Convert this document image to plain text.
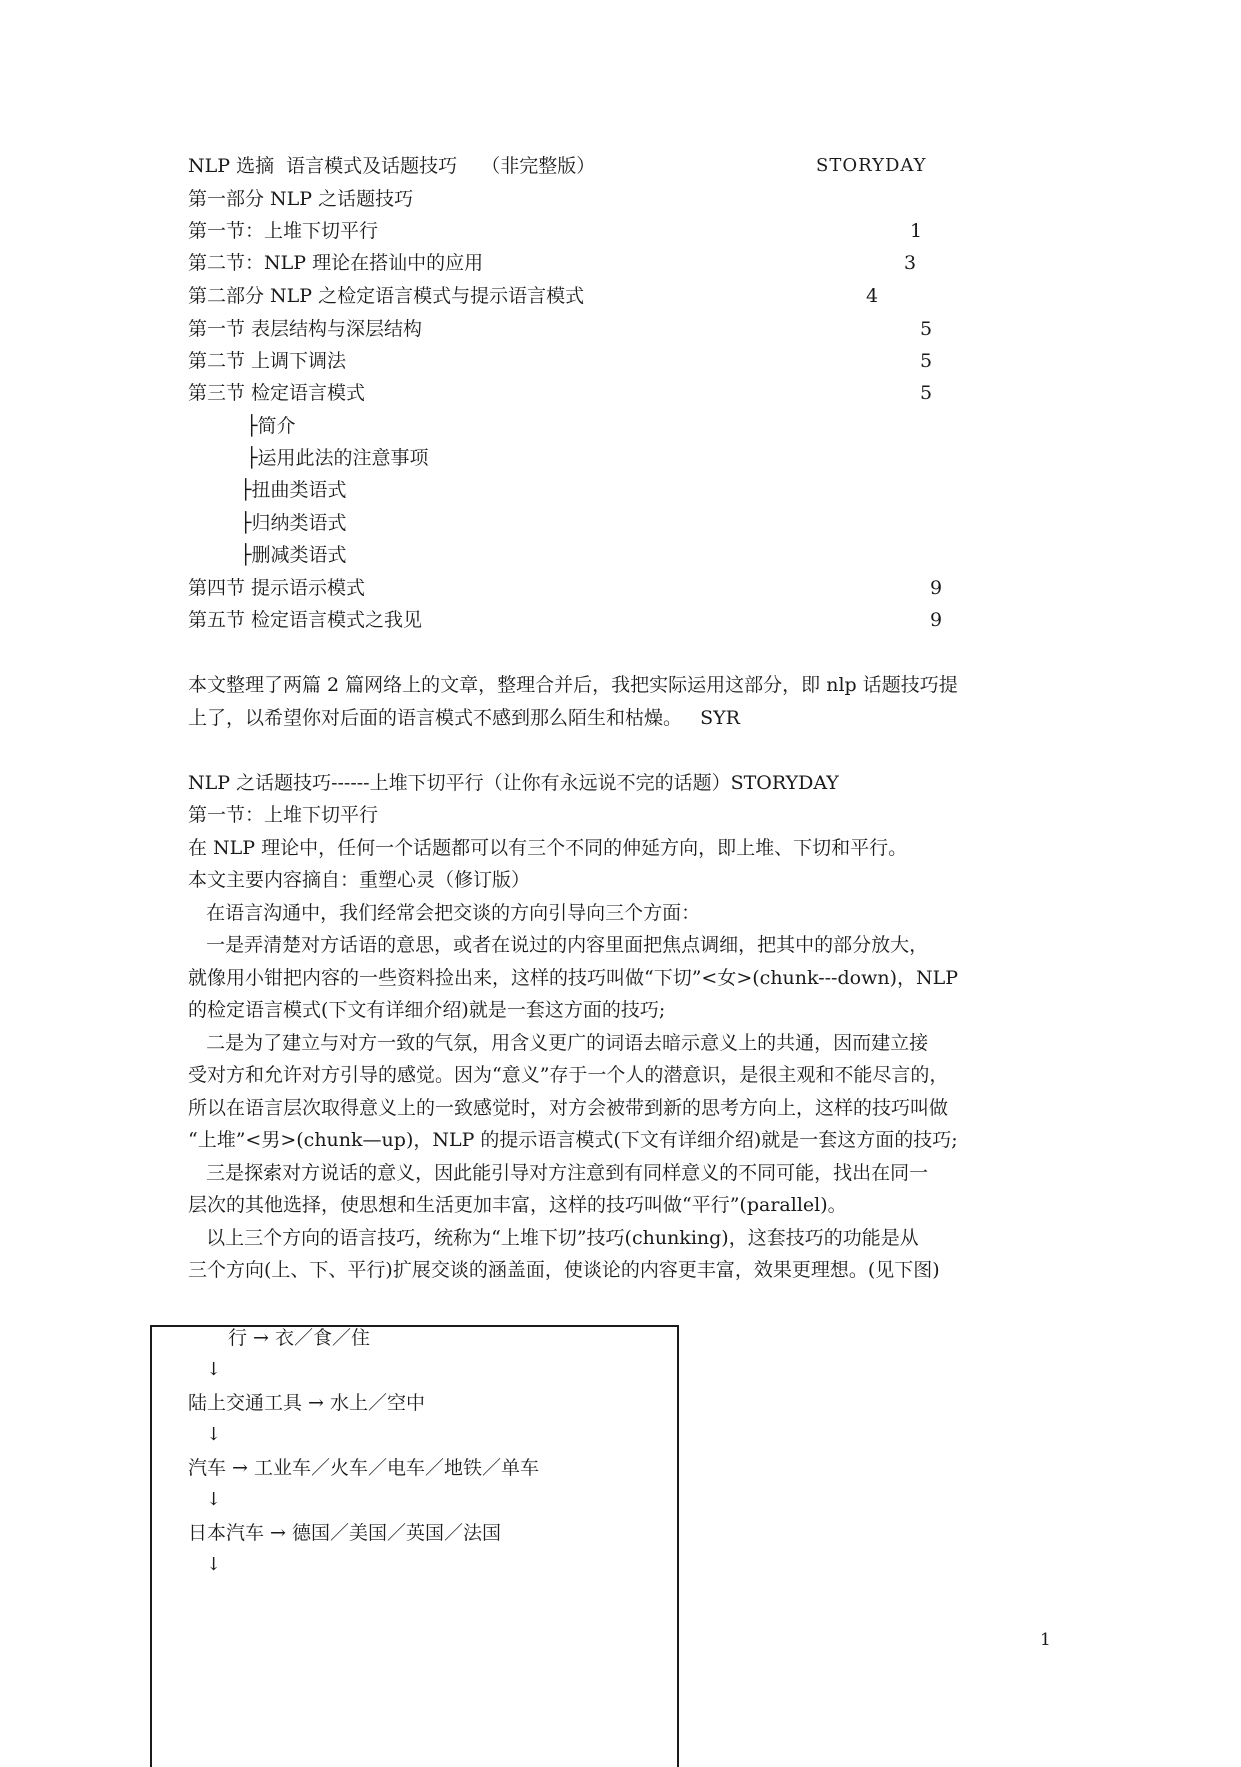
NLP 选摘  语言模式及话题技巧    （非完整版）	STORYDAY
第一部分 NLP 之话题技巧
第一节：上堆下切平行	1
第二节：NLP 理论在搭讪中的应用	3
第二部分 NLP 之检定语言模式与提示语言模式	4
第一节 表层结构与深层结构	5
第二节 上调下调法	5
第三节 检定语言模式	5
├简介
├运用此法的注意事项
├扭曲类语式
├归纳类语式
├删减类语式
第四节 提示语示模式	9
第五节 检定语言模式之我见	9
本文整理了两篇 2 篇网络上的文章，整理合并后，我把实际运用这部分，即 nlp 话题技巧提
上了，以希望你对后面的语言模式不感到那么陌生和枯燥。   SYR
NLP 之话题技巧------上堆下切平行（让你有永远说不完的话题）STORYDAY
第一节：上堆下切平行
在 NLP 理论中，任何一个话题都可以有三个不同的伸延方向，即上堆、下切和平行。
本文主要内容摘自：重塑心灵（修订版）
在语言沟通中，我们经常会把交谈的方向引导向三个方面：
一是弄清楚对方话语的意思，或者在说过的内容里面把焦点调细，把其中的部分放大，
就像用小钳把内容的一些资料捡出来，这样的技巧叫做“下切”<女>(chunk---down)，NLP
的检定语言模式(下文有详细介绍)就是一套这方面的技巧;
二是为了建立与对方一致的气氛，用含义更广的词语去暗示意义上的共通，因而建立接
受对方和允许对方引导的感觉。因为“意义”存于一个人的潜意识，是很主观和不能尽言的，
所以在语言层次取得意义上的一致感觉时，对方会被带到新的思考方向上，这样的技巧叫做
“上堆”<男>(chunk—up)，NLP 的提示语言模式(下文有详细介绍)就是一套这方面的技巧;
三是探索对方说话的意义，因此能引导对方注意到有同样意义的不同可能，找出在同一
层次的其他选择，使思想和生活更加丰富，这样的技巧叫做“平行”(parallel)。
以上三个方向的语言技巧，统称为“上堆下切”技巧(chunking)，这套技巧的功能是从
三个方向(上、下、平行)扩展交谈的涵盖面，使谈论的内容更丰富，效果更理想。(见下图)
行 → 衣／食／住
↓
陆上交通工具 → 水上／空中
↓
汽车 → 工业车／火车／电车／地铁／单车
↓
日本汽车 → 德国／美国／英国／法国
↓
1
